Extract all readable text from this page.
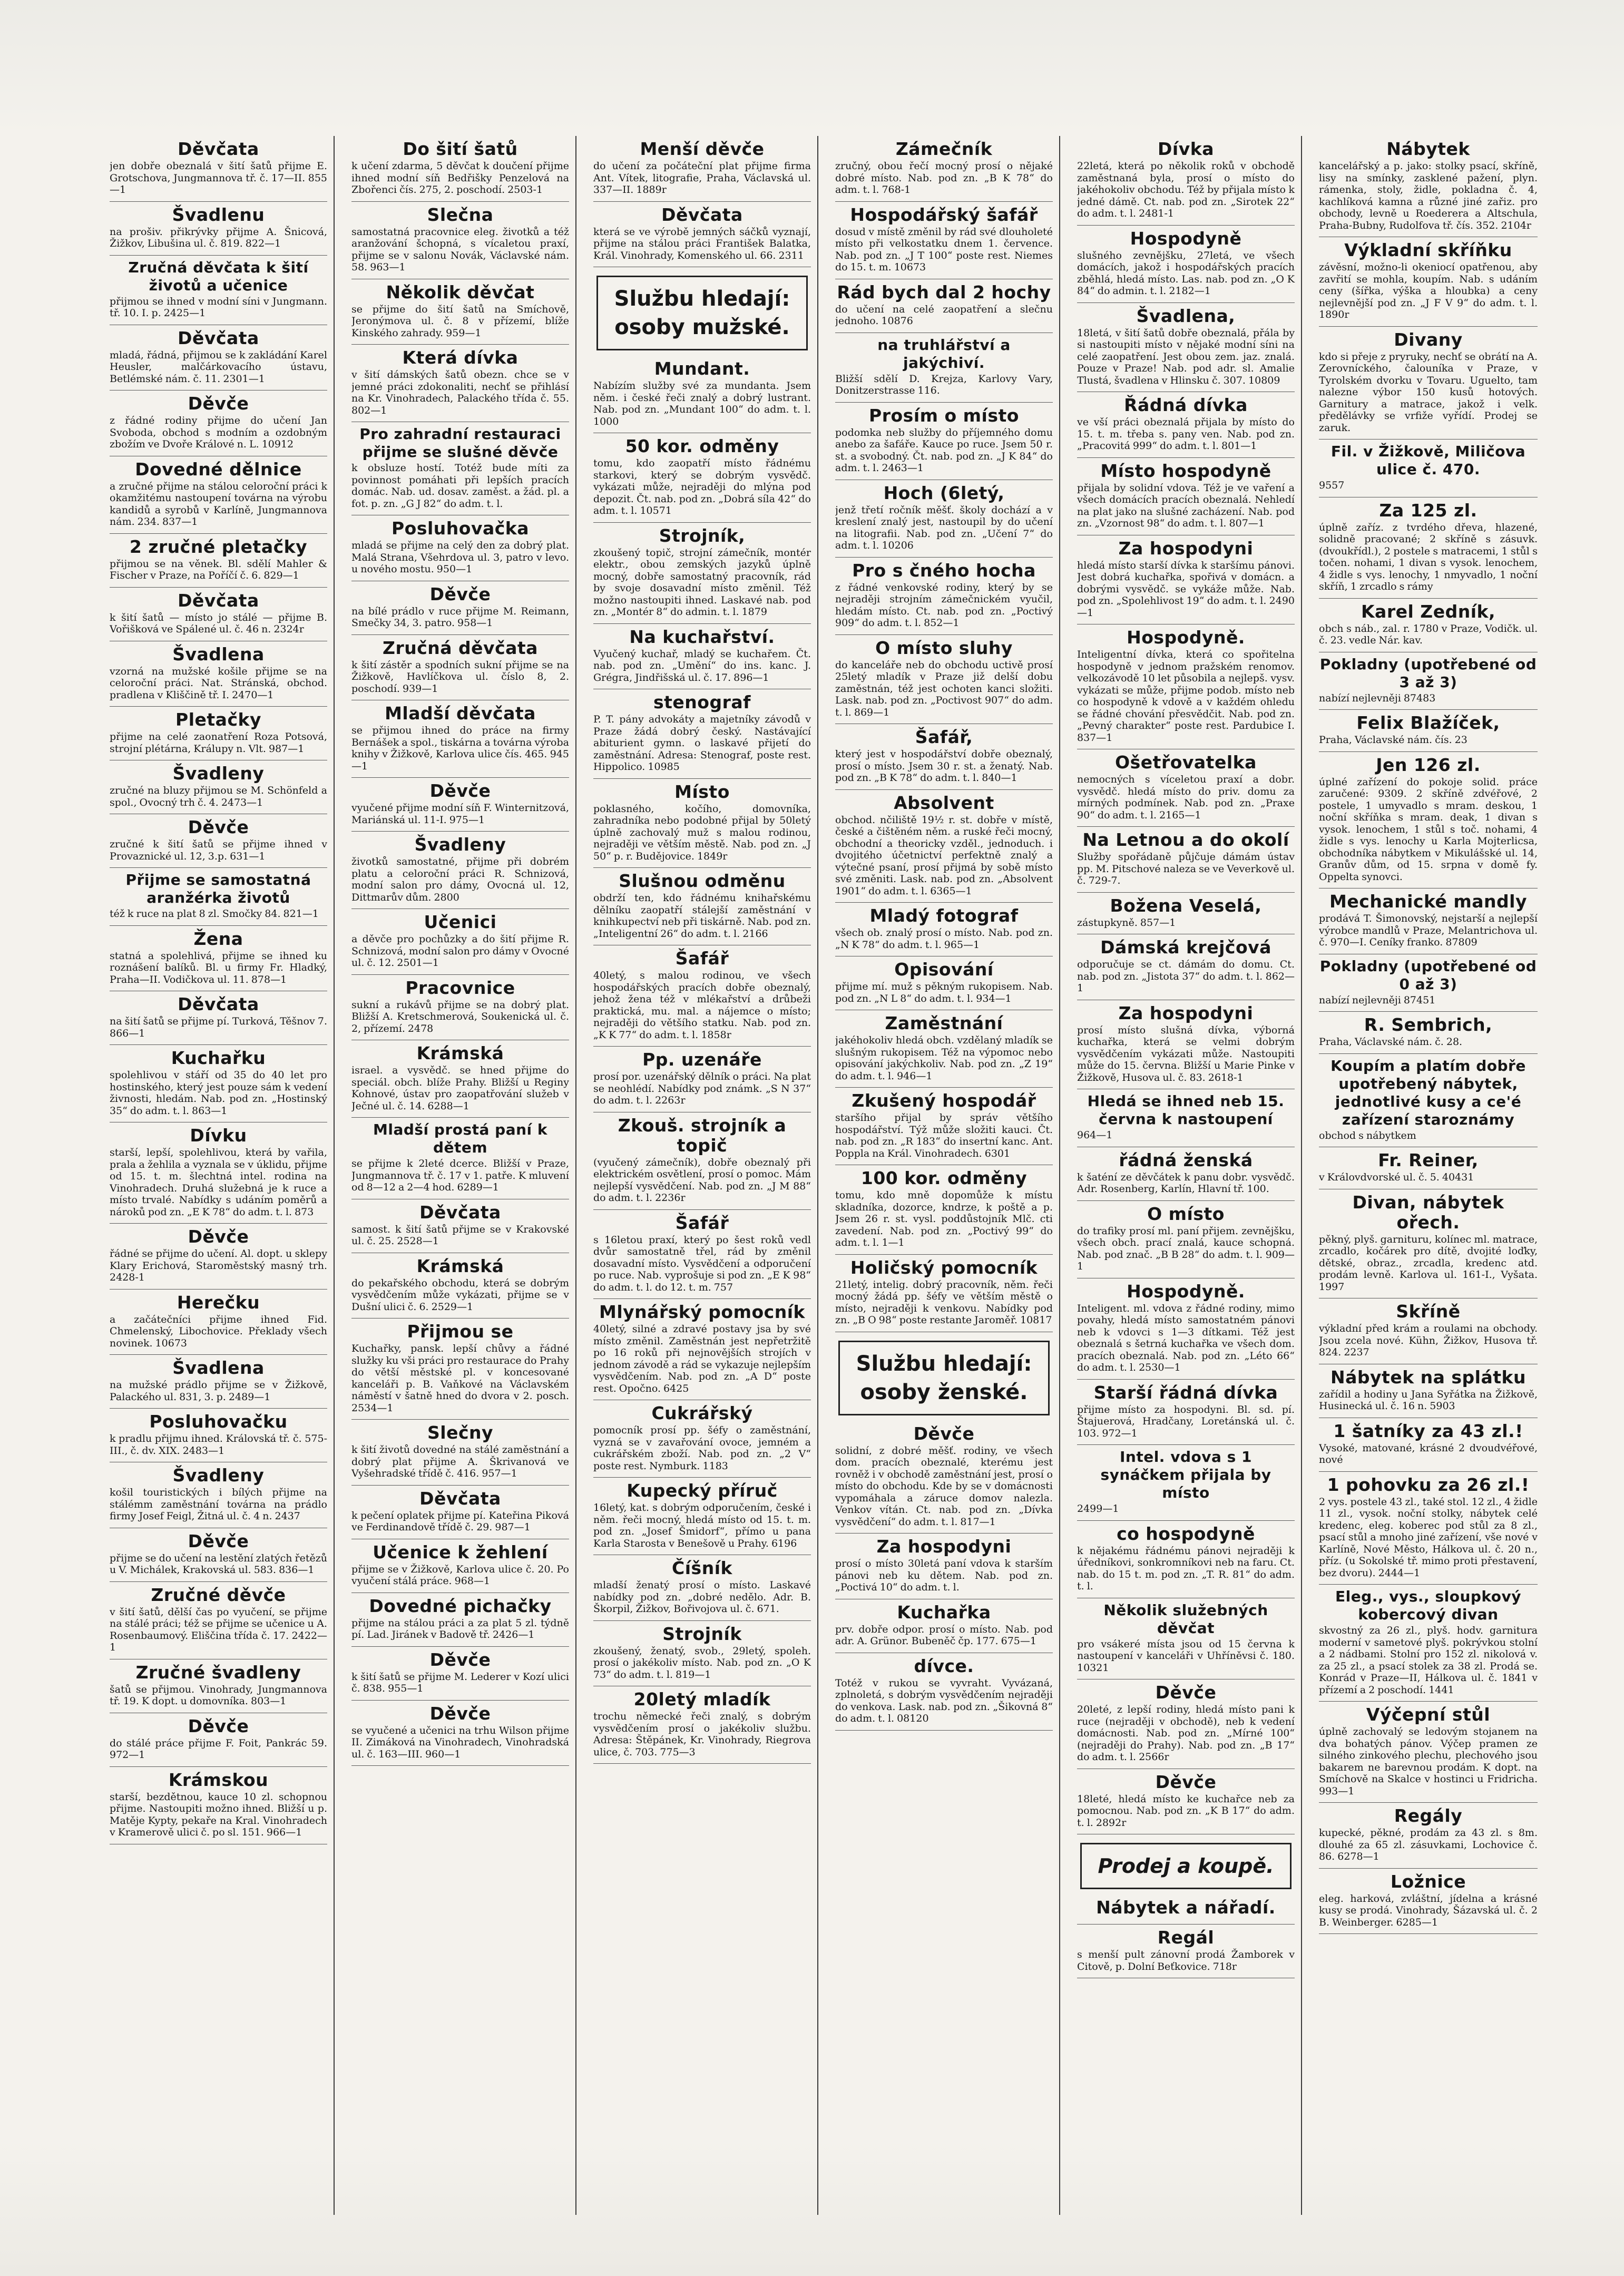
Děvčata
jen dobře obeznalá v šití šatů přijme E. Grotschova, Jungmannova tř. č. 17—II. 855—1
Švadlenu
na prošiv. přikrývky přijme A. Šnicová, Žižkov, Libušina ul. č. 819. 822—1
Zručná děvčata k šití životů a učenice
přijmou se ihned v modní síni v Jungmann. tř. 10. I. p. 2425—1
Děvčata
mladá, řádná, přijmou se k zakládání Karel Heusler, malčárkovacího ústavu, Betlémské nám. č. 11. 2301—1
Děvče
z řádné rodiny přijme do učení Jan Svoboda, obchod s modním a ozdobným zbožím ve Dvoře Králové n. L. 10912
Dovedné dělnice
a zručné přijme na stálou celoroční práci k okamžitému nastoupení továrna na výrobu kandidů a syrobů v Karlíně, Jungmannova nám. 234. 837—1
2 zručné pletačky
přijmou se na věnek. Bl. sdělí Mahler & Fischer v Praze, na Poříčí č. 6. 829—1
Děvčata
k šití šatů — místo jo stálé — přijme B. Vořišková ve Spálené ul. č. 46 n. 2324r
Švadlena
vzorná na mužské košile přijme se na celoroční práci. Nat. Stránská, obchod. pradlena v Kliščině tř. I. 2470—1
Pletačky
přijme na celé zaonatření Roza Potsová, strojní plétárna, Králupy n. Vlt. 987—1
Švadleny
zručné na bluzy přijmou se M. Schönfeld a spol., Ovocný trh č. 4. 2473—1
Děvče
zručné k šití šatů se přijme ihned v Provaznické ul. 12, 3.p. 631—1
Přijme se samostatná aranžérka životů
též k ruce na plat 8 zl. Smočky 84. 821—1
Žena
statná a spolehlivá, přijme se ihned ku roznášení balíků. Bl. u firmy Fr. Hladký, Praha—II. Vodičkova ul. 11. 878—1
Děvčata
na šití šatů se přijme pí. Turková, Těšnov 7. 866—1
Kuchařku
spolehlivou v stáří od 35 do 40 let pro hostinského, který jest pouze sám k vedení živnosti, hledám. Nab. pod zn. „Hostinský 35“ do adm. t. l. 863—1
Dívku
starší, lepší, spolehlivou, která by vařila, prala a žehlila a vyznala se v úklidu, přijme od 15. t. m. šlechtná intel. rodina na Vinohradech. Druhá služebná je k ruce a místo trvalé. Nabídky s udáním poměrů a nároků pod zn. „E K 78“ do adm. t. l. 873
Děvče
řádné se přijme do učení. Al. dopt. u sklepy Klary Erichová, Staroměstský masný trh. 2428-1
Herečku
a začátečníci přijme ihned Fid. Chmelenský, Libochovice. Překlady všech novinek. 10673
Švadlena
na mužské prádlo přijme se v Žižkově, Palackého ul. 831, 3. p. 2489—1
Posluhovačku
k pradlu přijmu ihned. Královská tř. č. 575-III., č. dv. XIX. 2483—1
Švadleny
košil touristických i bílých přijme na stálémm zaměstnání továrna na prádlo firmy Josef Feigl, Žitná ul. č. 4 n. 2437
Děvče
přijme se do učení na lestění zlatých řetězů u V. Michálek, Krakovská ul. 583. 836—1
Zručné děvče
v šití šatů, dělší čas po vyučení, se přijme na stálé práci; též se přijme se učenice u A. Rosenbaumový. Eliščina třída č. 17. 2422—1
Zručné švadleny
šatů se přijmou. Vinohrady, Jungmannova tř. 19. K dopt. u domovníka. 803—1
Děvče
do stálé práce přijme F. Foit, Pankrác 59. 972—1
Krámskou
starší, bezdětnou, kauce 10 zl. schopnou přijme. Nastoupiti možno ihned. Bližší u p. Matěje Kypty, pekaře na Kral. Vinohradech v Kramerově ulici č. po sl. 151. 966—1
Do šití šatů
k učení zdarma, 5 děvčat k doučení přijme ihned modní síň Bedřišky Penzelová na Zbořenci čís. 275, 2. poschodí. 2503-1
Slečna
samostatná pracovnice eleg. životků a též aranžování šchopná, s vícaletou praxí, přijme se v salonu Novák, Václavské nám. 58. 963—1
Několik děvčat
se přijme do šití šatů na Smíchově, Jeronýmova ul. č. 8 v přízemí, blíže Kinského zahrady. 959—1
Která dívka
v šití dámských šatů obezn. chce se v jemné práci zdokonaliti, nechť se přihlásí na Kr. Vinohradech, Palackého třída č. 55. 802—1
Pro zahradní restauraci přijme se slušné děvče
k obsluze hostí. Totéž bude míti za povinnost pomáhati při lepších pracích domác. Nab. ud. dosav. zaměst. a žád. pl. a fot. p. zn. „G J 82“ do adm. t. l.
Posluhovačka
mladá se přijme na celý den za dobrý plat. Malá Strana, Všehrdova ul. 3, patro v levo. u nového mostu. 950—1
Děvče
na bílé prádlo v ruce přijme M. Reimann, Smečky 34, 3. patro. 958—1
Zručná děvčata
k šití zástěr a spodních sukní přijme se na Žižkově, Havlíčkova ul. číslo 8, 2. poschodí. 939—1
Mladší děvčata
se přijmou ihned do práce na firmy Bernášek a spol., tiskárna a továrna výroba knihy v Žižkově, Karlova ulice čís. 465. 945—1
Děvče
vyučené přijme modní síň F. Winternitzová, Mariánská ul. 11-I. 975—1
Švadleny
životků samostatné, přijme při dobrém platu a celoroční práci R. Schnizová, modní salon pro dámy, Ovocná ul. 12, Dittmarův dům. 2800
Učenici
a děvče pro pochůzky a do šití přijme R. Schnizová, modní salon pro dámy v Ovocné ul. č. 12. 2501—1
Pracovnice
sukní a rukávů přijme se na dobrý plat. Bližší A. Kretschmerová, Soukenická ul. č. 2, přízemí. 2478
Krámská
israel. a vysvědč. se hned přijme do speciál. obch. blíže Prahy. Bližší u Reginy Kohnové, ústav pro zaopatřování služeb v Ječné ul. č. 14. 6288—1
Mladší prostá paní k dětem
se přijme k 2leté dcerce. Bližší v Praze, Jungmannova tř. č. 17 v 1. patře. K mluvení od 8—12 a 2—4 hod. 6289—1
Děvčata
samost. k šití šatů přijme se v Krakovské ul. č. 25. 2528—1
Krámská
do pekařského obchodu, která se dobrým vysvědčením může vykázati, přijme se v Dušní ulici č. 6. 2529—1
Přijmou se
Kuchařky, pansk. lepší chůvy a řádné služky ku vši práci pro restaurace do Prahy do větší městské pl. v koncesované kanceláři p. B. Vaňkové na Václavském náměstí v šatně hned do dvora v 2. posch. 2534—1
Slečny
k šití životů dovedné na stálé zaměstnání a dobrý plat přijme A. Škrivanová ve Vyšehradské třídě č. 416. 957—1
Děvčata
k pečení oplatek přijme pí. Kateřina Piková ve Ferdinandově třídě č. 29. 987—1
Učenice k žehlení
přijme se v Žižkově, Karlova ulice č. 20. Po vyučení stálá práce. 968—1
Dovedné pichačky
přijme na stálou práci a za plat 5 zl. týdně pí. Lad. Jiránek v Badově tř. 2426—1
Děvče
k šití šatů se přijme M. Lederer v Kozí ulici č. 838. 955—1
Děvče
se vyučené a učenici na trhu Wilson přijme II. Zimáková na Vinohradech, Vinohradská ul. č. 163—III. 960—1
Menší děvče
do učení za počáteční plat přijme firma Ant. Vítek, litografie, Praha, Václavská ul. 337—II. 1889r
Děvčata
která se ve výrobě jemných sáčků vyznají, přijme na stálou práci František Balatka, Král. Vinohrady, Komenského ul. 66. 2311
Službu hledají: osoby mužské.
Mundant.
Nabízím služby své za mundanta. Jsem něm. i české řeči znalý a dobrý lustrant. Nab. pod zn. „Mundant 100“ do adm. t. l. 1000
50 kor. odměny
tomu, kdo zaopatří místo řádnému starkovi, který se dobrým vysvědč. vykázati může, nejraději do mlýna pod depozit. Čt. nab. pod zn. „Dobrá síla 42“ do adm. t. l. 10571
Strojník,
zkoušený topič, strojní zámečník, montér elektr., obou zemských jazyků úplně mocný, dobře samostatný pracovník, rád by svoje dosavadní místo změnil. Též možno nastoupiti ihned. Laskavé nab. pod zn. „Montér 8“ do admin. t. l. 1879
Na kuchařství.
Vyučený kuchař, mladý se kuchařem. Čt. nab. pod zn. „Umění“ do ins. kanc. J. Grégra, Jindřišská ul. č. 17. 896—1
stenograf
P. T. pány advokáty a majetníky závodů v Praze žádá dobrý český. Nastávající abiturient gymn. o laskavé přijetí do zaměstnání. Adresa: Stenograf, poste rest. Hippolico. 10985
Místo
poklasného, kočího, domovníka, zahradníka nebo podobné přijal by 50letý úplně zachovalý muž s malou rodinou, nejraději ve větším městě. Nab. pod zn. „J 50“ p. r. Budějovice. 1849r
Slušnou odměnu
obdrží ten, kdo řádnému knihařskému dělníku zaopatří stálejší zaměstnání v knihkupectví neb při tiskárně. Nab. pod zn. „Inteligentní 26“ do adm. t. l. 2166
Šafář
40letý, s malou rodinou, ve všech hospodářských pracích dobře obeznalý, jehož žena též v mlékařství a drůbeži praktická, mu. mal. a nájemce o místo; nejraději do většího statku. Nab. pod zn. „K K 77“ do adm. t. l. 1858r
Pp. uzenáře
prosí por. uzenářský dělník o práci. Na plat se neohlédí. Nabídky pod známk. „S N 37“ do adm. t. l. 2263r
Zkouš. strojník a topič
(vyučený zámečník), dobře obeznalý při elektrickém osvětlení, prosí o pomoc. Mám nejlepší vysvědčení. Nab. pod zn. „J M 88“ do adm. t. l. 2236r
Šafář
s 16letou praxí, který po šest roků vedl dvůr samostatně třel, rád by změnil dosavadní místo. Vysvědčení a odporučení po ruce. Nab. vyprošuje si pod zn. „E K 98“ do adm. t. l. do 12. t. m. 757
Mlynářský pomocník
40letý, silné a zdravé postavy jsa by své místo změnil. Zaměstnán jest nepřetržitě po 16 roků při nejnovějších strojích v jednom závodě a rád se vykazuje nejlepším vysvědčením. Nab. pod zn. „A D“ poste rest. Opočno. 6425
Cukrářský
pomocník prosí pp. šéfy o zaměstnání, vyzná se v zavařování ovoce, jemném a cukrářském zboží. Nab. pod zn. „2 V“ poste rest. Nymburk. 1183
Kupecký příruč
16letý, kat. s dobrým odporučením, české i něm. řeči mocný, hledá místo od 15. t. m. pod zn. „Josef Šmidorf“, přímo u pana Karla Starosta v Benešově u Prahy. 6196
Číšník
mladší ženatý prosí o místo. Laskavé nabídky pod zn. „dobré nedělo. Adr. B. Škorpil, Žižkov, Bořivojova ul. č. 671.
Strojník
zkoušený, ženatý, svob., 29letý, spoleh. prosí o jakékoliv místo. Nab. pod zn. „O K 73“ do adm. t. l. 819—1
20letý mladík
trochu německé řeči znalý, s dobrým vysvědčením prosí o jakékoliv službu. Adresa: Štěpánek, Kr. Vinohrady, Riegrova ulice, č. 703. 775—3
Zámečník
zručný, obou řečí mocný prosí o nějaké dobré místo. Nab. pod zn. „B K 78“ do adm. t. l. 768-1
Hospodářský šafář
dosud v místě změnil by rád své dlouholeté místo při velkostatku dnem 1. července. Nab. pod zn. „J T 100“ poste rest. Niemes do 15. t. m. 10673
Rád bych dal 2 hochy
do učení na celé zaopatření a slečnu jednoho. 10876
na truhlářství a jakýchiví.
Bližší sdělí D. Krejza, Karlovy Vary, Donitzerstrasse 116.
Prosím o místo
podomka neb služby do příjemného domu anebo za šafáře. Kauce po ruce. Jsem 50 r. st. a svobodný. Čt. nab. pod zn. „J K 84“ do adm. t. l. 2463—1
Hoch (6letý,
jenž třetí ročník měšť. školy dochází a v kreslení znalý jest, nastoupil by do učení na litografii. Nab. pod zn. „Učení 7“ do adm. t. l. 10206
Pro s čného hocha
z řádné venkovské rodiny, který by se nejraději strojním zámečnickém vyučil, hledám místo. Ct. nab. pod zn. „Poctivý 909“ do adm. t. l. 852—1
O místo sluhy
do kanceláře neb do obchodu uctivě prosí 25letý mladík v Praze již delší dobu zaměstnán, též jest ochoten kanci složiti. Lask. nab. pod zn. „Poctivost 907“ do adm. t. l. 869—1
Šafář,
který jest v hospodářství dobře obeznalý, prosí o místo. Jsem 30 r. st. a ženatý. Nab. pod zn. „B K 78“ do adm. t. l. 840—1
Absolvent
obchod. nčiliště 19½ r. st. dobře v místě, české a čištěném něm. a ruské řeči mocný, obchodní a theoricky vzděl., jednoduch. i dvojitého účetnictví perfektně znalý a výtečné psaní, prosí přijmá by sobě místo své změniti. Lask. nab. pod zn. „Absolvent 1901“ do adm. t. l. 6365—1
Mladý fotograf
všech ob. znalý prosí o místo. Nab. pod zn. „N K 78“ do adm. t. l. 965—1
Opisování
přijme mí. muž s pěkným rukopisem. Nab. pod zn. „N L 8“ do adm. t. l. 934—1
Zaměstnání
jakéhokoliv hledá obch. vzdělaný mladík se slušným rukopisem. Též na výpomoc nebo opisování jakýchkoliv. Nab. pod zn. „Z 19“ do adm. t. l. 946—1
Zkušený hospodář
staršího přijal by správ většího hospodářství. Týž může složiti kauci. Čt. nab. pod zn. „R 183“ do insertní kanc. Ant. Poppla na Král. Vinohradech. 6301
100 kor. odměny
tomu, kdo mně dopomůže k místu skladníka, dozorce, kndrze, k poště a p. Jsem 26 r. st. vysl. poddůstojník Mlč. cti zavedení. Nab. pod zn. „Poctivý 99“ do adm. t. l. 1—1
Holičský pomocník
21letý, intelig. dobrý pracovník, něm. řeči mocný žádá pp. šéfy ve větším městě o místo, nejraději k venkovu. Nabídky pod zn. „B O 98“ poste restante Jaroměř. 10817
Službu hledají: osoby ženské.
Děvče
solidní, z dobré měšť. rodiny, ve všech dom. pracích obeznalé, kterému jest rovněž i v obchodě zaměstnání jest, prosí o místo do obchodu. Kde by se v domácnosti vypomáhala a záruce domov nalezla. Venkov vítán. Ct. nab. pod zn. „Dívka vysvědčení“ do adm. t. l. 817—1
Za hospodyni
prosí o místo 30letá paní vdova k starším pánovi neb ku dětem. Nab. pod zn. „Poctivá 10“ do adm. t. l.
Kuchařka
prv. dobře odpor. prosí o místo. Nab. pod adr. A. Grünor. Bubeněč čp. 177. 675—1
dívce.
Totéž v rukou se vyvraht. Vyvázaná, zplnoletá, s dobrým vysvědčením nejraději do venkova. Lask. nab. pod zn. „Šikovná 8“ do adm. t. l. 08120
Dívka
22letá, která po několik roků v obchodě zaměstnaná byla, prosí o místo do jakéhokoliv obchodu. Též by přijala místo k jedné dámě. Ct. nab. pod zn. „Sirotek 22“ do adm. t. l. 2481-1
Hospodyně
slušného zevnějšku, 27letá, ve všech domácích, jakož i hospodářských pracích zběhlá, hledá místo. Las. nab. pod zn. „O K 84“ do admin. t. l. 2182—1
Švadlena,
18letá, v šití šatů dobře obeznalá, přála by si nastoupiti místo v nějaké modní síni na celé zaopatření. Jest obou zem. jaz. znalá. Pouze v Praze! Nab. pod adr. sl. Amalie Tlustá, švadlena v Hlinsku č. 307. 10809
Řádná dívka
ve vší práci obeznalá přijala by místo do 15. t. m. třeba s. pany ven. Nab. pod zn. „Pracovitá 999“ do adm. t. l. 801—1
Místo hospodyně
přijala by solidní vdova. Též je ve vaření a všech domácích pracích obeznalá. Nehledí na plat jako na slušné zacházení. Nab. pod zn. „Vzornost 98“ do adm. t. l. 807—1
Za hospodyni
hledá místo starší dívka k staršímu pánovi. Jest dobrá kuchařka, spořivá v domácn. a dobrými vysvědč. se vykáže může. Nab. pod zn. „Spolehlivost 19“ do adm. t. l. 2490—1
Hospodyně.
Inteligentní dívka, která co spořitelna hospodyně v jednom pražském renomov. velkozávodě 10 let působila a nejlepš. vysv. vykázati se může, přijme podob. místo neb co hospodyně k vdově a v každém ohledu se řádné chování přesvědčit. Nab. pod zn. „Pevný charakter“ poste rest. Pardubice I. 837—1
Ošetřovatelka
nemocných s víceletou praxí a dobr. vysvědč. hledá místo do priv. domu za mírných podmínek. Nab. pod zn. „Praxe 90“ do adm. t. l. 2165—1
Na Letnou a do okolí
Služby spořádaně půjčuje dámám ústav pp. M. Pitschové naleza se ve Veverkově ul. č. 729-7.
Božena Veselá,
zástupkyně. 857—1
Dámská krejčová
odporučuje se ct. dámám do domu. Ct. nab. pod zn. „Jistota 37“ do adm. t. l. 862—1
Za hospodyni
prosí místo slušná dívka, výborná kuchařka, která se velmi dobrým vysvědčením vykázati může. Nastoupiti může do 15. června. Bližší u Marie Pinke v Žižkově, Husova ul. č. 83. 2618-1
Hledá se ihned neb 15. června k nastoupení
964—1
řádná ženská
k šaténí ze děvčátek k panu dobr. vysvědč. Adr. Rosenberg, Karlín, Hlavní tř. 100.
O místo
do trafiky prosí ml. paní přijem. zevnějšku, všech obch. prací znalá, kauce schopná. Nab. pod znač. „B B 28“ do adm. t. l. 909—1
Hospodyně.
Inteligent. ml. vdova z řádné rodiny, mimo povahy, hledá místo samostatném pánovi neb k vdovci s 1—3 dítkami. Též jest obeznalá s šetrná kuchařka ve všech dom. pracích obeznalá. Nab. pod zn. „Léto 66“ do adm. t. l. 2530—1
Starší řádná dívka
přijme místo za hospodyni. Bl. sd. pí. Štajuerová, Hradčany, Loretánská ul. č. 103. 972—1
Intel. vdova s 1 synáčkem přijala by místo
2499—1
co hospodyně
k nějakému řádnému pánovi nejraději k úředníkovi, sonkromníkovi neb na faru. Ct. nab. do 15 t. m. pod zn. „T. R. 81“ do adm. t. l.
Několik služebných děvčat
pro vsákeré místa jsou od 15 června k nastoupení v kanceláři v Uhříněvsi č. 180. 10321
Děvče
20leté, z lepší rodiny, hledá místo pani k ruce (nejraději v obchodě), neb k vedení domácnosti. Nab. pod zn. „Mírné 100“ (nejraději do Prahy). Nab. pod zn. „B 17“ do adm. t. l. 2566r
Děvče
18leté, hledá místo ke kuchařce neb za pomocnou. Nab. pod zn. „K B 17“ do adm. t. l. 2892r
Prodej a koupě.
Nábytek a nářadí.
Regál
s menší pult zánovní prodá Žamborek v Citově, p. Dolní Beťkovice. 718r
Nábytek
kancelářský a p. jako: stolky psací, skříně, lisy na smínky, zasklené pažení, plyn. rámenka, stoly, židle, pokladna č. 4, kachlíková kamna a různé jiné zařiz. pro obchody, levně u Roederera a Altschula, Praha-Bubny, Rudolfova tř. čís. 352. 2104r
Výkladní skříňku
závěsní, možno-li okeniocí opatřenou, aby zavřití se mohla, koupím. Nab. s udáním ceny (šířka, výška a hloubka) a ceny nejlevnější pod zn. „J F V 9“ do adm. t. l. 1890r
Divany
kdo si přeje z pryruky, nechť se obrátí na A. Zerovníckého, čalouníka v Praze, v Tyrolském dvorku v Tovaru. Uguelto, tam nalezne výbor 150 kusů hotových. Garnitury a matrace, jakož i velk. předělávky se vrfiže vyřídí. Prodej se zaruk.
Fil. v Žižkově, Miličova ulice č. 470.
9557
Za 125 zl.
úplně zaříz. z tvrdého dřeva, hlazené, solidně pracované; 2 skříně s zásuvk. (dvoukřídl.), 2 postele s matracemi, 1 stůl s točen. nohami, 1 divan s vysok. lenochem, 4 židle s vys. lenochy, 1 nmyvadlo, 1 noční skříň, 1 zrcadlo s rámy
Karel Zedník,
obch s náb., zal. r. 1780 v Praze, Vodičk. ul. č. 23. vedle Nár. kav.
Pokladny (upotřebené od 3 až 3)
nabízí nejlevněji 87483
Felix Blažíček,
Praha, Václavské nám. čís. 23
Jen 126 zl.
úplné zařízení do pokoje solid. práce zaručené: 9309. 2 skříně zdvéřové, 2 postele, 1 umyvadlo s mram. deskou, 1 noční skříňka s mram. deak, 1 divan s vysok. lenochem, 1 stůl s toč. nohami, 4 židle s vys. lenochy u Karla Mojterlicsa, obchodníka nábytkem v Mikulášské ul. 14, Granův dům, od 15. srpna v domě fy. Oppelta synovci.
Mechanické mandly
prodává T. Šimonovský, nejstarší a nejlepší výrobce mandlů v Praze, Melantrichova ul. č. 970—I. Ceníky franko. 87809
Pokladny (upotřebené od 0 až 3)
nabízí nejlevněji 87451
R. Sembrich,
Praha, Václavské nám. č. 28.
Koupím a platím dobře upotřebený nábytek, jednotlivé kusy a ce'é zařízení staroznámy
obchod s nábytkem
Fr. Reiner,
v Královdvorské ul. č. 5. 40431
Divan, nábytek ořech.
pěkný, plyš. garnituru, kolínec ml. matrace, zrcadlo, kočárek pro dítě, dvojité loďky, dětské, obraz., zrcadla, kredenc atd. prodám levně. Karlova ul. 161-I., Vyšata. 1997
Skříně
výkladní před krám a roulami na obchody. Jsou zcela nové. Kühn, Žižkov, Husova tř. 824. 2237
Nábytek na splátku
zařídil a hodiny u Jana Syřátka na Žižkově, Husinecká ul. č. 16 n. 5903
1 šatníky za 43 zl.!
Vysoké, matované, krásné 2 dvoudvéřové, nové
1 pohovku za 26 zl.!
2 vys. postele 43 zl., také stol. 12 zl., 4 židle 11 zl., vysok. noční stolky, nábytek celé kredenc, eleg. koberec pod stůl za 8 zl., psací stůl a mnoho jiné zařízení, vše nové v Karlíně, Nové Město, Hálkova ul. č. 20 n., příz. (u Sokolské tř. mimo proti přestavení, bez dvoru). 2444—1
Eleg., vys., sloupkový kobercový divan
skvostný za 26 zl., plyš. hodv. garnitura moderní v sametové plyš. pokrývkou stolní a 2 nádbami. Stolní pro 152 zl. nikolová v. za 25 zl., a psací stolek za 38 zl. Prodá se. Konrád v Praze—II, Hálkova ul. č. 1841 v přízemí a 2 poschodí. 1441
Výčepní stůl
úplně zachovalý se ledovým stojanem na dva bohatých pánov. Výčep pramen ze silného zinkového plechu, plechového jsou bakarem ne barevnou prodám. K dopt. na Smíchově na Skalce v hostinci u Fridricha. 993—1
Regály
kupecké, pěkné, prodám za 43 zl. s 8m. dlouhé za 65 zl. zásuvkami, Lochovice č. 86. 6278—1
Ložnice
eleg. harková, zvláštní, jídelna a krásné kusy se prodá. Vinohrady, Šázavská ul. č. 2 B. Weinberger. 6285—1
